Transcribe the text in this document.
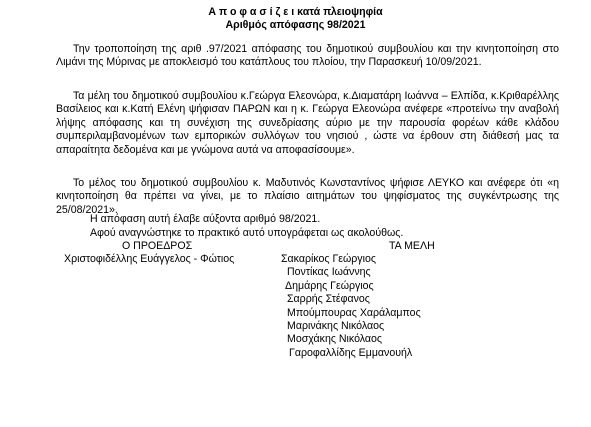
Α π ο φ α σ ί ζ ε ι κατά πλειοψηφία
Αριθμός απόφασης 98/2021

Την τροποποίηση της αριθ .97/2021 απόφασης του δημοτικού συμβουλίου και την κινητοποίηση στο Λιμάνι της Μύρινας με αποκλεισμό του κατάπλους του πλοίου, την Παρασκευή 10/09/2021.

Τα μέλη του δημοτικού συμβουλίου κ.Γεώργα Ελεονώρα, κ.Διαματάρη Ιωάννα – Ελπίδα, κ.Κριθαρέλλης Βασίλειος και κ.Κατή Ελένη ψήφισαν ΠΑΡΩΝ και η κ. Γεώργα Ελεονώρα ανέφερε «προτείνω την αναβολή λήψης απόφασης και τη συνέχιση της συνεδρίασης αύριο με την παρουσία φορέων κάθε κλάδου συμπεριλαμβανομένων των εμπορικών συλλόγων του νησιού , ώστε να έρθουν στη διάθεσή μας τα απαραίτητα δεδομένα και με γνώμονα αυτά να αποφασίσουμε».

Το μέλος του δημοτικού συμβουλίου κ. Μαδυτινός Κωνσταντίνος ψήφισε ΛΕΥΚΟ και ανέφερε ότι «η κινητοποίηση θα πρέπει να γίνει, με το πλαίσιο αιτημάτων του ψηφίσματος της συγκέντρωσης της 25/08/2021».

Η απόφαση αυτή έλαβε αύξοντα αριθμό 98/2021.
Αφού αναγνώστηκε το πρακτικό αυτό υπογράφεται ως ακολούθως.
Ο ΠΡΟΕΔΡΟΣ	ΤΑ ΜΕΛΗ
Χριστοφιδέλλης Ευάγγελος - Φώτιος	Σακαρίκος Γεώργιος
Ποντίκας Ιωάννης
Δημάρης Γεώργιος
Σαρρής Στέφανος
Μπούμπουρας Χαράλαμπος
Μαρινάκης Νικόλαος
Μοσχάκης Νικόλαος
Γαροφαλλίδης Εμμανουήλ
